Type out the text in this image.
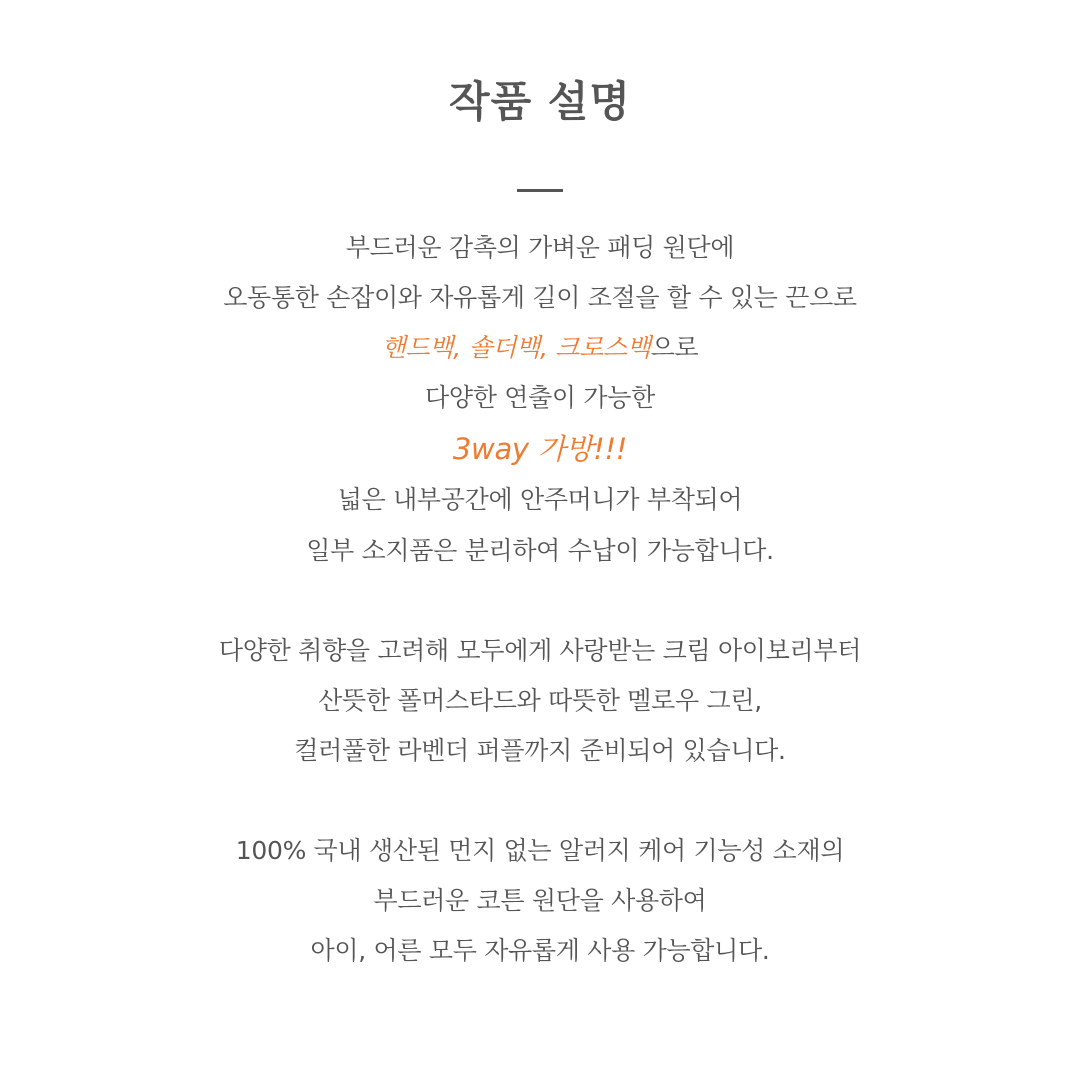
작품 설명
부드러운 감촉의 가벼운 패딩 원단에
오동통한 손잡이와 자유롭게 길이 조절을 할 수 있는 끈으로
핸드백, 숄더백, 크로스백으로
다양한 연출이 가능한
3way 가방!!!
넓은 내부공간에 안주머니가 부착되어
일부 소지품은 분리하여 수납이 가능합니다.
다양한 취향을 고려해 모두에게 사랑받는 크림 아이보리부터
산뜻한 폴머스타드와 따뜻한 멜로우 그린,
컬러풀한 라벤더 퍼플까지 준비되어 있습니다.
100% 국내 생산된 먼지 없는 알러지 케어 기능성 소재의
부드러운 코튼 원단을 사용하여
아이, 어른 모두 자유롭게 사용 가능합니다.
